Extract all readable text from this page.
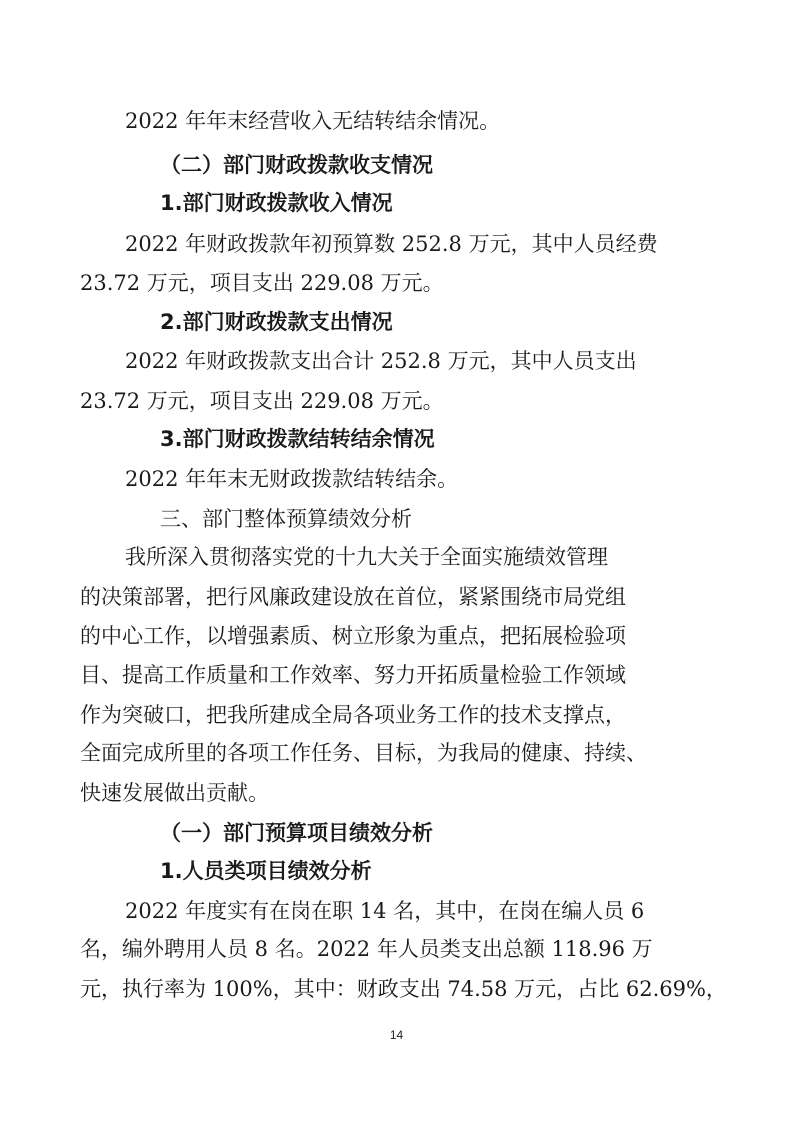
2022 年年末经营收入无结转结余情况。
（二）部门财政拨款收支情况
1.部门财政拨款收入情况
2022 年财政拨款年初预算数 252.8 万元，其中人员经费
23.72 万元，项目支出 229.08 万元。
2.部门财政拨款支出情况
2022 年财政拨款支出合计 252.8 万元，其中人员支出
23.72 万元，项目支出 229.08 万元。
3.部门财政拨款结转结余情况
2022 年年末无财政拨款结转结余。
三、部门整体预算绩效分析
我所深入贯彻落实党的十九大关于全面实施绩效管理
的决策部署，把行风廉政建设放在首位，紧紧围绕市局党组
的中心工作，以增强素质、树立形象为重点，把拓展检验项
目、提高工作质量和工作效率、努力开拓质量检验工作领域
作为突破口，把我所建成全局各项业务工作的技术支撑点，
全面完成所里的各项工作任务、目标，为我局的健康、持续、
快速发展做出贡献。
（一）部门预算项目绩效分析
1.人员类项目绩效分析
2022 年度实有在岗在职 14 名，其中，在岗在编人员 6
名，编外聘用人员 8 名。2022 年人员类支出总额 118.96 万
元，执行率为 100%，其中：财政支出 74.58 万元，占比 62.69%，
14
